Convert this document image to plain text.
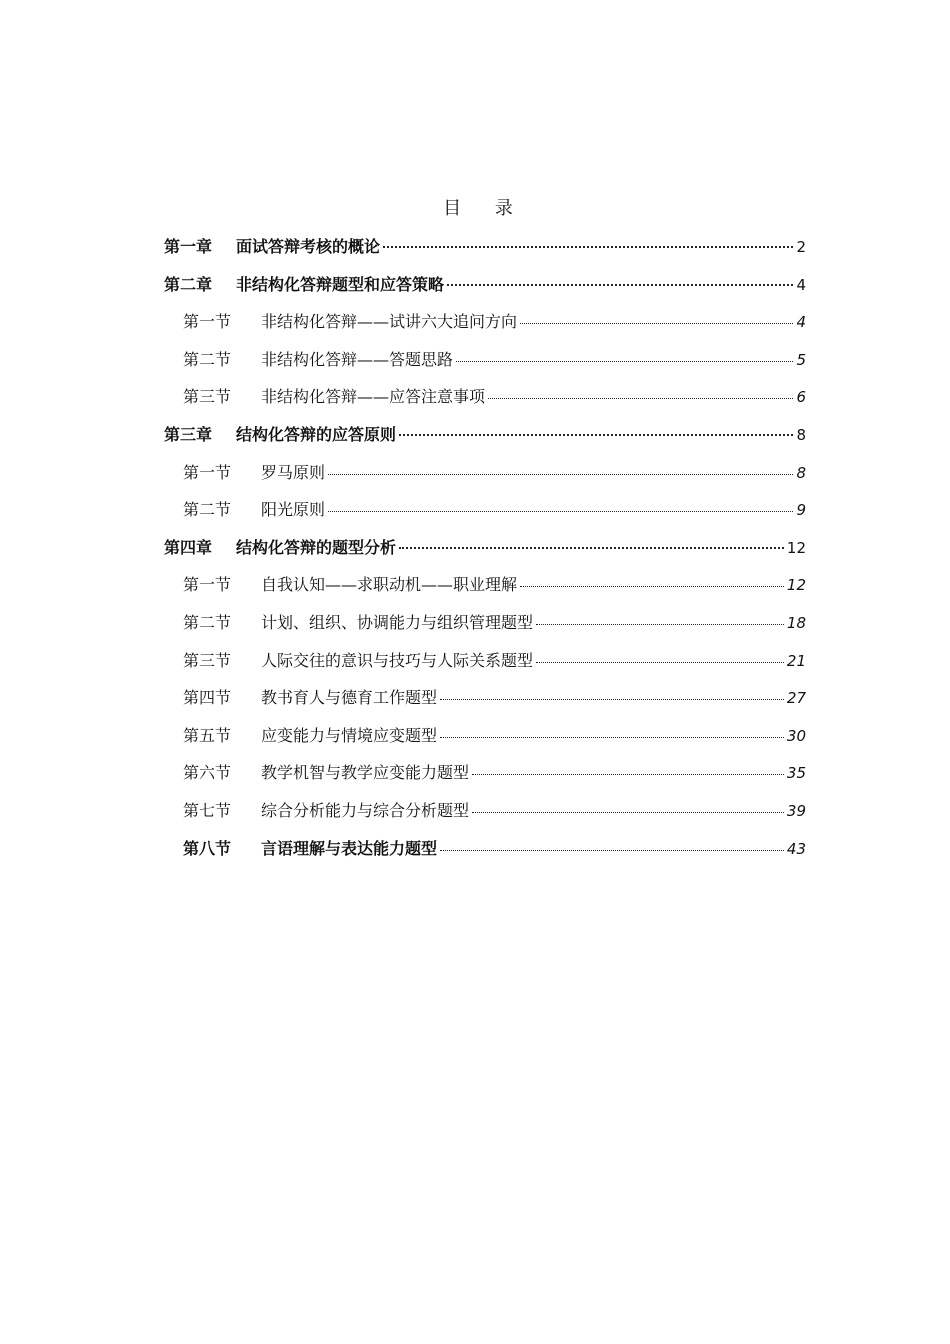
目 录
第一章	面试答辩考核的概论	2
第二章	非结构化答辩题型和应答策略	4
第一节	非结构化答辩——试讲六大追问方向	4
第二节	非结构化答辩——答题思路	5
第三节	非结构化答辩——应答注意事项	6
第三章	结构化答辩的应答原则	8
第一节	罗马原则	8
第二节	阳光原则	9
第四章	结构化答辩的题型分析	12
第一节	自我认知——求职动机——职业理解	12
第二节	计划、组织、协调能力与组织管理题型	18
第三节	人际交往的意识与技巧与人际关系题型	21
第四节	教书育人与德育工作题型	27
第五节	应变能力与情境应变题型	30
第六节	教学机智与教学应变能力题型	35
第七节	综合分析能力与综合分析题型	39
第八节	言语理解与表达能力题型	43
